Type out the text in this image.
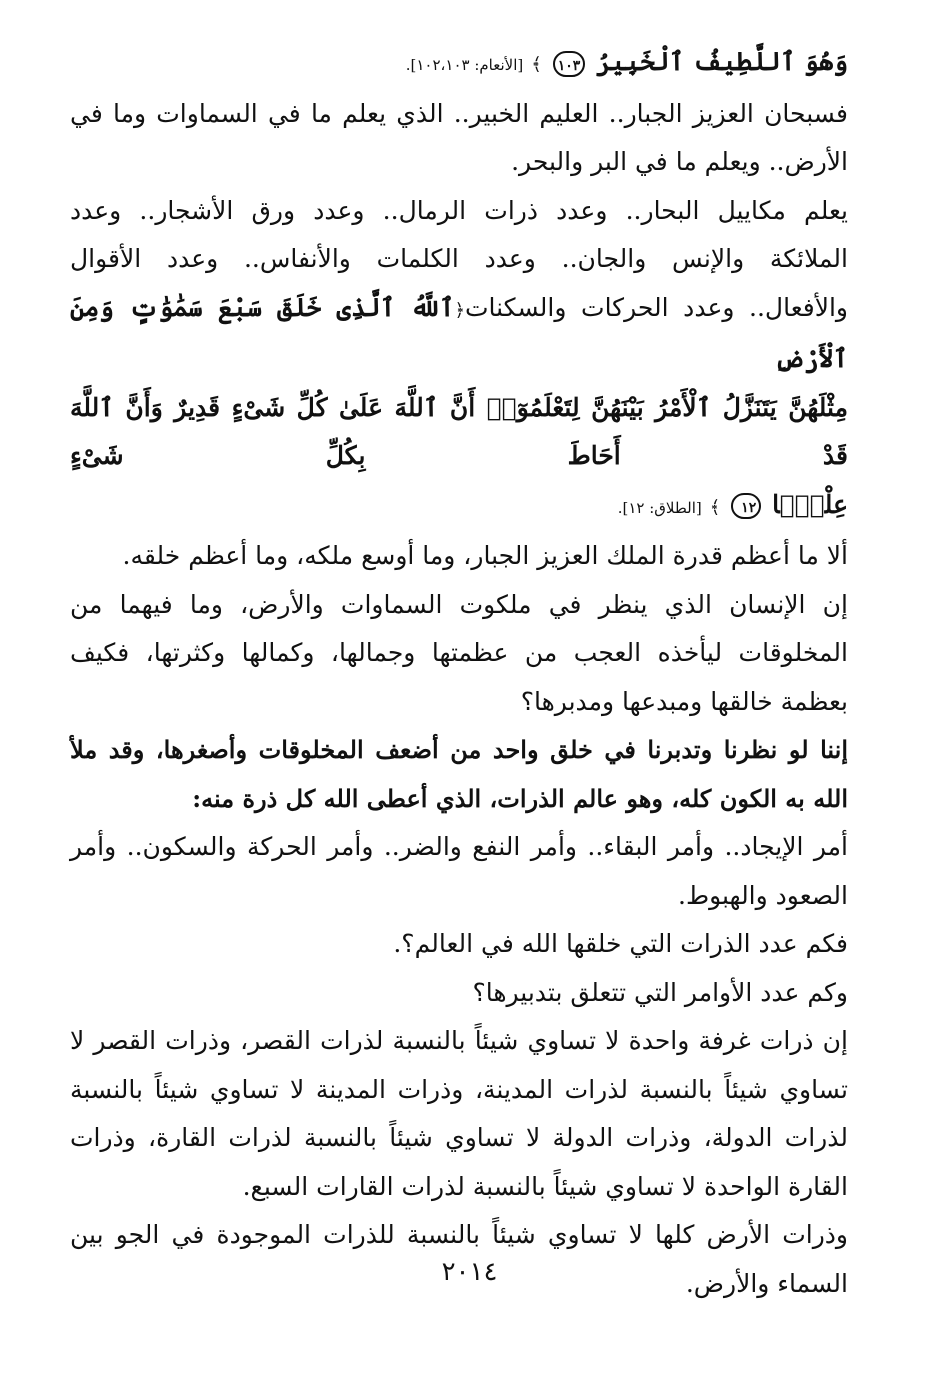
وَهُوَ ٱللَّطِيفُ ٱلْخَبِيرُ ١٠٣ ﴾ [الأنعام: ١٠٢،١٠٣].

فسبحان العزيز الجبار.. العليم الخبير.. الذي يعلم ما في السماوات وما في

الأرض.. ويعلم ما في البر والبحر.

يعلم مكاييل البحار.. وعدد ذرات الرمال.. وعدد ورق الأشجار.. وعدد

الملائكة والإنس والجان.. وعدد الكلمات والأنفاس.. وعدد الأقوال

والأفعال.. وعدد الحركات والسكنات﴿ٱللَّهُ ٱلَّذِى خَلَقَ سَبْعَ سَمَٰوَٰتٍ وَمِنَ ٱلْأَرْضِ

مِثْلَهُنَّ يَتَنَزَّلُ ٱلْأَمْرُ بَيْنَهُنَّ لِتَعْلَمُوٓا۟ أَنَّ ٱللَّهَ عَلَىٰ كُلِّ شَىْءٍ قَدِيرٌ وَأَنَّ ٱللَّهَ قَدْ أَحَاطَ بِكُلِّ شَىْءٍ

عِلْمًۢا ١٢ ﴾ [الطلاق: ١٢].

ألا ما أعظم قدرة الملك العزيز الجبار، وما أوسع ملكه، وما أعظم خلقه.

إن الإنسان الذي ينظر في ملكوت السماوات والأرض، وما فيهما من

المخلوقات ليأخذه العجب من عظمتها وجمالها، وكمالها وكثرتها، فكيف

بعظمة خالقها ومبدعها ومدبرها؟

إننا لو نظرنا وتدبرنا في خلق واحد من أضعف المخلوقات وأصغرها، وقد ملأ

الله به الكون كله، وهو عالم الذرات، الذي أعطى الله كل ذرة منه:

أمر الإيجاد.. وأمر البقاء.. وأمر النفع والضر.. وأمر الحركة والسكون.. وأمر

الصعود والهبوط.

فكم عدد الذرات التي خلقها الله في العالم؟.

وكم عدد الأوامر التي تتعلق بتدبيرها؟

إن ذرات غرفة واحدة لا تساوي شيئاً بالنسبة لذرات القصر، وذرات القصر لا

تساوي شيئاً بالنسبة لذرات المدينة، وذرات المدينة لا تساوي شيئاً بالنسبة

لذرات الدولة، وذرات الدولة لا تساوي شيئاً بالنسبة لذرات القارة، وذرات

القارة الواحدة لا تساوي شيئاً بالنسبة لذرات القارات السبع.

وذرات الأرض كلها لا تساوي شيئاً بالنسبة للذرات الموجودة في الجو بين

السماء والأرض.

٢٠١٤
